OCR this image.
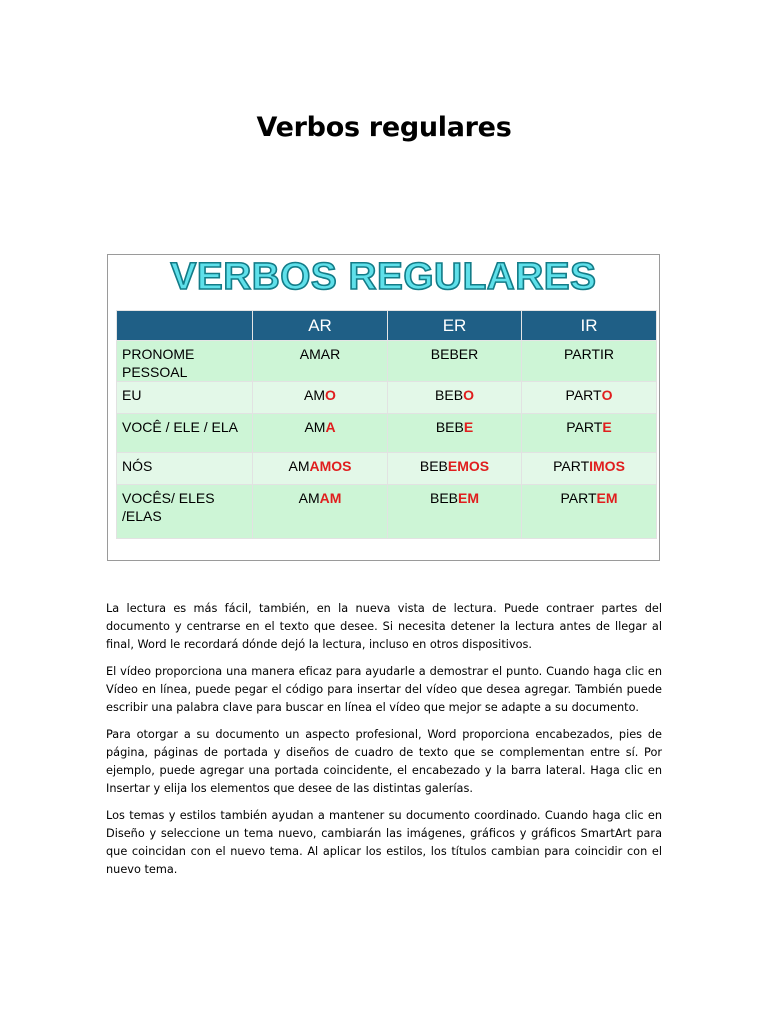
Verbos regulares
VERBOS REGULARES
	AR	ER	IR
PRONOME PESSOAL	AMAR	BEBER	PARTIR
EU	AMO	BEBO	PARTO
VOCÊ / ELE / ELA	AMA	BEBE	PARTE
NÓS	AMAMOS	BEBEMOS	PARTIMOS
VOCÊS/ ELES /ELAS	AMAM	BEBEM	PARTEM

La lectura es más fácil, también, en la nueva vista de lectura. Puede contraer partes del documento y centrarse en el texto que desee. Si necesita detener la lectura antes de llegar al final, Word le recordará dónde dejó la lectura, incluso en otros dispositivos.

El vídeo proporciona una manera eficaz para ayudarle a demostrar el punto. Cuando haga clic en Vídeo en línea, puede pegar el código para insertar del vídeo que desea agregar. También puede escribir una palabra clave para buscar en línea el vídeo que mejor se adapte a su documento.

Para otorgar a su documento un aspecto profesional, Word proporciona encabezados, pies de página, páginas de portada y diseños de cuadro de texto que se complementan entre sí. Por ejemplo, puede agregar una portada coincidente, el encabezado y la barra lateral. Haga clic en Insertar y elija los elementos que desee de las distintas galerías.

Los temas y estilos también ayudan a mantener su documento coordinado. Cuando haga clic en Diseño y seleccione un tema nuevo, cambiarán las imágenes, gráficos y gráficos SmartArt para que coincidan con el nuevo tema. Al aplicar los estilos, los títulos cambian para coincidir con el nuevo tema.
